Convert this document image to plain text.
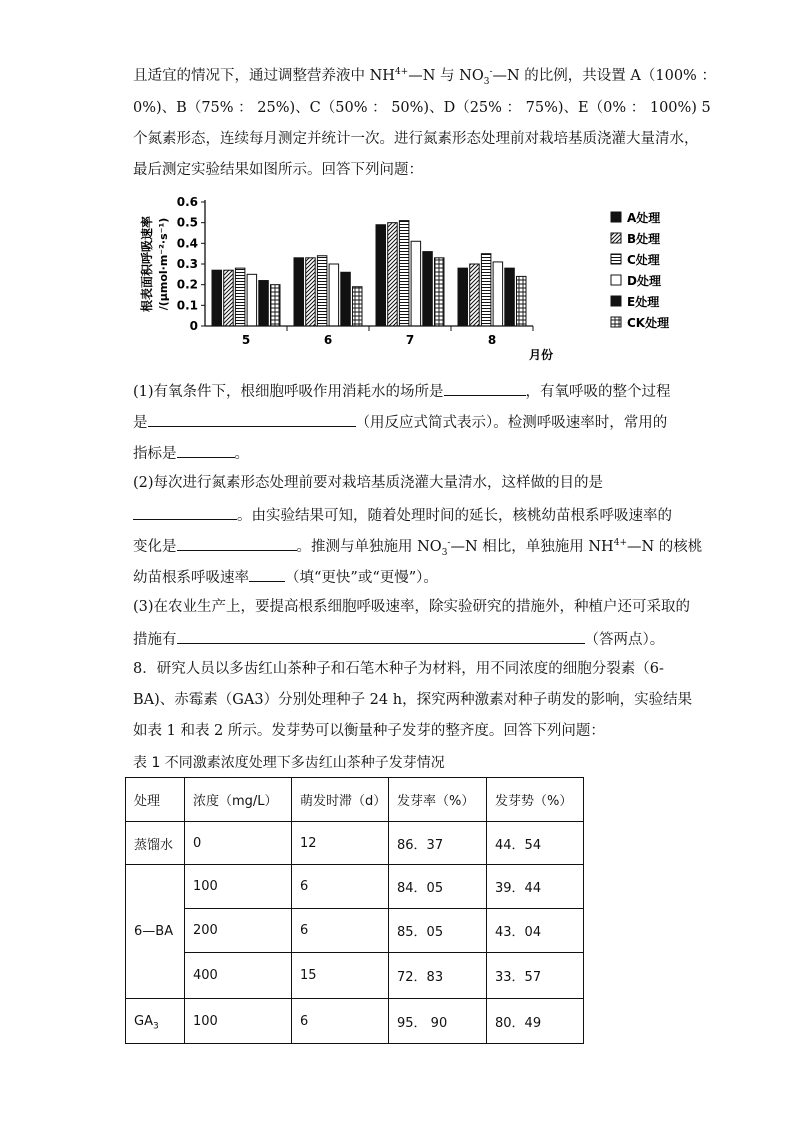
且适宜的情况下，通过调整营养液中 $NH^{4+}—N$ 与 $NO_3^-—N$ 的比例，共设置 A（100% ：
0%)、B（75% ： 25%)、C（50% ： 50%)、D（25% ： 75%)、E（0% ： 100%) 5
个氮素形态，连续每月测定并统计一次。进行氮素形态处理前对栽培基质浇灌大量清水，
最后测定实验结果如图所示。回答下列问题：
根表面积呼吸速率 /(μmol·m⁻²·s⁻¹)
0
0.1
0.2
0.3
0.4
0.5
0.6
5	6	7	8
月份
A处理
B处理
C处理
D处理
E处理
CK处理
(1)有氧条件下，根细胞呼吸作用消耗水的场所是	，有氧呼吸的整个过程
是	（用反应式简式表示）。检测呼吸速率时，常用的
指标是	。
(2)每次进行氮素形态处理前要对栽培基质浇灌大量清水，这样做的目的是
。由实验结果可知，随着处理时间的延长，核桃幼苗根系呼吸速率的
变化是	。推测与单独施用 $NO_3^-—N$ 相比，单独施用 $NH^{4+}—N$ 的核桃
幼苗根系呼吸速率 （填“更快”或“更慢”）。
(3)在农业生产上，要提高根系细胞呼吸速率，除实验研究的措施外，种植户还可采取的
措施有	（答两点）。
8．研究人员以多齿红山茶种子和石笔木种子为材料，用不同浓度的细胞分裂素（6-
BA)、赤霉素（GA3）分别处理种子 24 h，探究两种激素对种子萌发的影响，实验结果
如表 1 和表 2 所示。发芽势可以衡量种子发芽的整齐度。回答下列问题：
表 1 不同激素浓度处理下多齿红山茶种子发芽情况
处理	浓度（mg/L）	萌发时滞（d）	发芽率（%）	发芽势（%）
蒸馏水	0	12	86．37	44．54
6—BA	100	6	84．05	39．44
	200	6	85．05	43．04
	400	15	72．83	33．57
$GA_3$	100	6	95． 90	80．49
